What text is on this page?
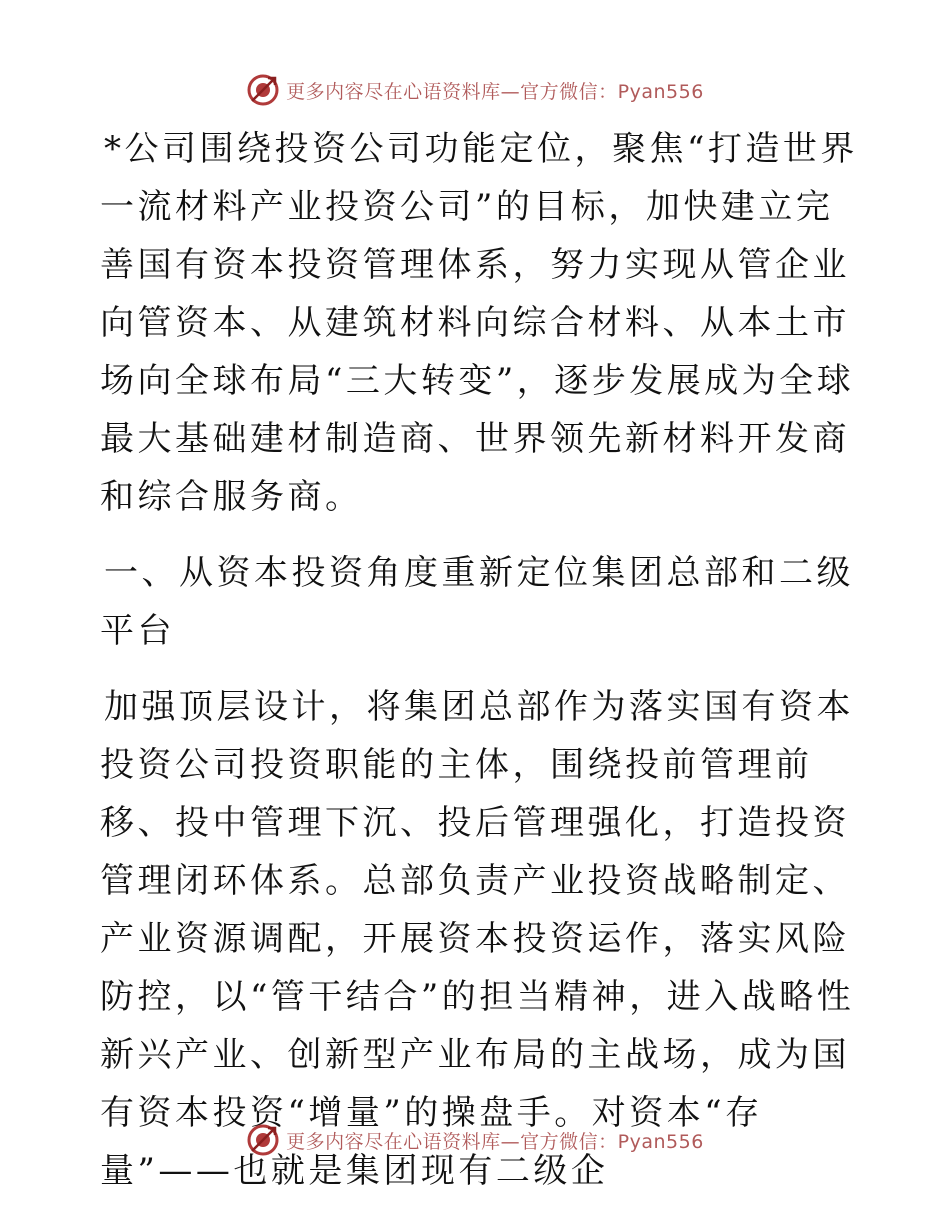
更多内容尽在心语资料库—官方微信：Pyan556

*公司围绕投资公司功能定位，聚焦“打造世界一流材料产业投资公司”的目标，加快建立完善国有资本投资管理体系，努力实现从管企业向管资本、从建筑材料向综合材料、从本土市场向全球布局“三大转变”，逐步发展成为全球最大基础建材制造商、世界领先新材料开发商和综合服务商。

一、从资本投资角度重新定位集团总部和二级平台

加强顶层设计，将集团总部作为落实国有资本投资公司投资职能的主体，围绕投前管理前移、投中管理下沉、投后管理强化，打造投资管理闭环体系。总部负责产业投资战略制定、产业资源调配，开展资本投资运作，落实风险防控，以“管干结合”的担当精神，进入战略性新兴产业、创新型产业布局的主战场，成为国有资本投资“增量”的操盘手。对资本“存量”——也就是集团现有二级企

更多内容尽在心语资料库—官方微信：Pyan556
